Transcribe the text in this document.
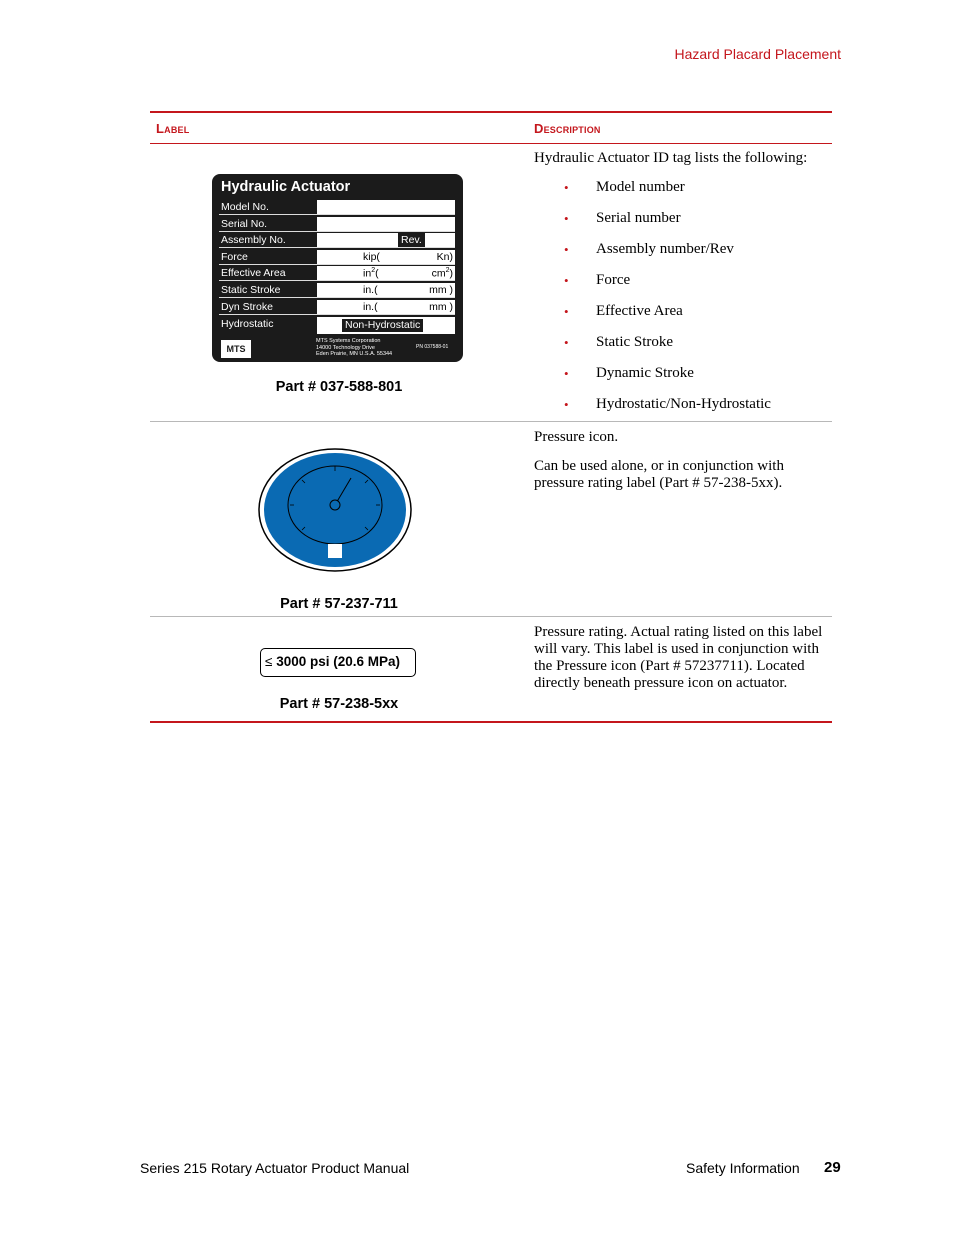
Hazard Placard Placement
Label	Description
Hydraulic Actuator
Model No.
Serial No.
Assembly No.	Rev.
Force	kip(	Kn)
Effective Area	$in^2$(	$cm^2$)
Static Stroke	in.(	mm )
Dyn Stroke	in.(	mm )
Hydrostatic	Non-Hydrostatic
MTS
MTS Systems Corporation
14000 Technology Drive
Eden Prairie, MN U.S.A. 55344
PN 037588-01
Part # 037-588-801

Hydraulic Actuator ID tag lists the following:

• Model number
• Serial number
• Assembly number/Rev
• Force
• Effective Area
• Static Stroke
• Dynamic Stroke
• Hydrostatic/Non-Hydrostatic
Part # 57-237-711

Pressure icon.

Can be used alone, or in conjunction with pressure rating label (Part # 57-238-5xx).

≤ 3000 psi (20.6 MPa)
Part # 57-238-5xx

Pressure rating. Actual rating listed on this label will vary. This label is used in conjunction with the Pressure icon (Part # 57237711). Located directly beneath pressure icon on actuator.

Series 215 Rotary Actuator Product Manual	Safety Information 29
